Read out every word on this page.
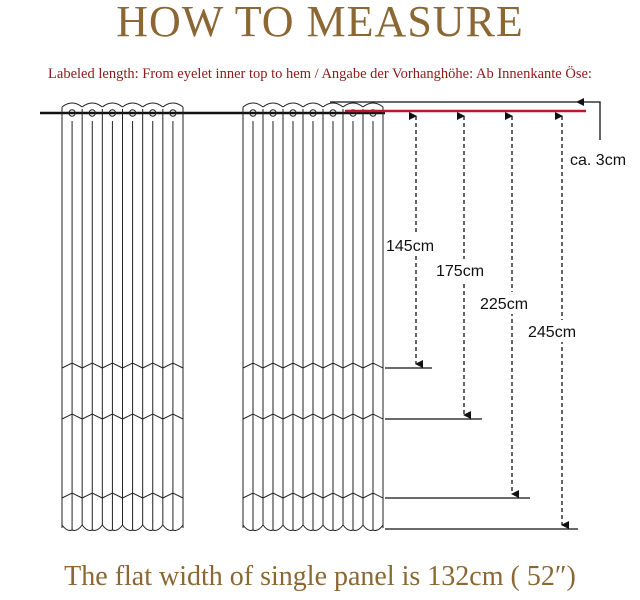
HOW TO MEASURE
Labeled length: From eyelet inner top to hem / Angabe der Vorhanghöhe: Ab Innenkante Öse:
ca. 3cm
145cm
175cm
225cm
245cm
The flat width of single panel is 132cm ( 52″)
